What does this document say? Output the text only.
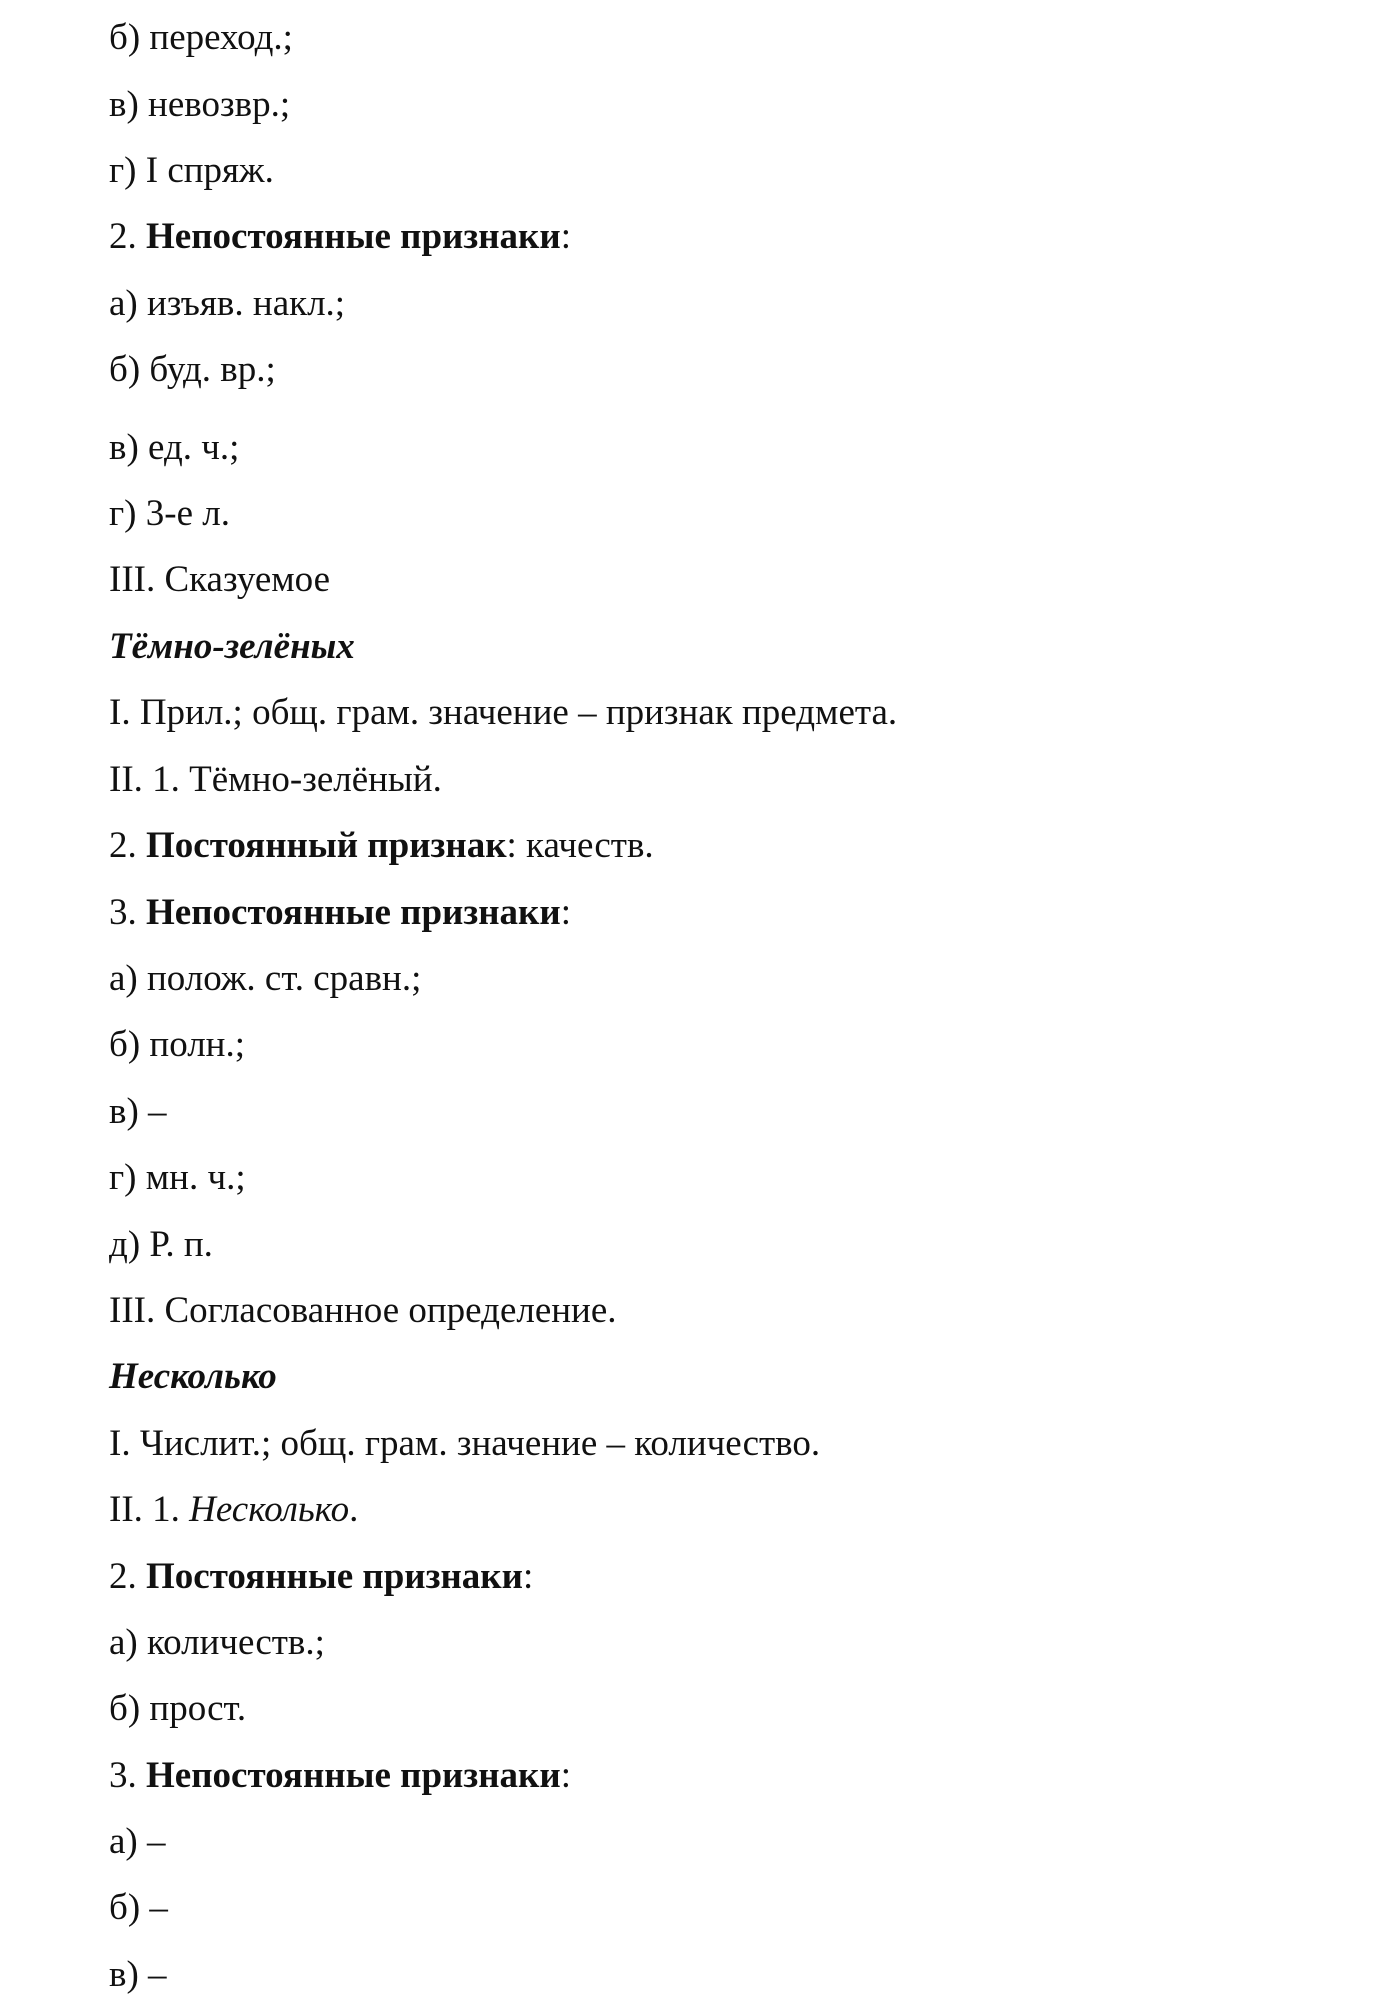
б) переход.;

в) невозвр.;

г) I спряж.

2. Непостоянные признаки:

а) изъяв. накл.;

б) буд. вр.;

в) ед. ч.;

г) 3-е л.

III. Сказуемое

Тёмно-зелёных

I. Прил.; общ. грам. значение – признак предмета.

II. 1. Тёмно-зелёный.

2. Постоянный признак: качеств.

3. Непостоянные признаки:

а) полож. ст. сравн.;

б) полн.;

в) –

г) мн. ч.;

д) Р. п.

III. Согласованное определение.

Несколько

I. Числит.; общ. грам. значение – количество.

II. 1. Несколько.

2. Постоянные признаки:

а) количеств.;

б) прост.

3. Непостоянные признаки:

а) –

б) –

в) –
